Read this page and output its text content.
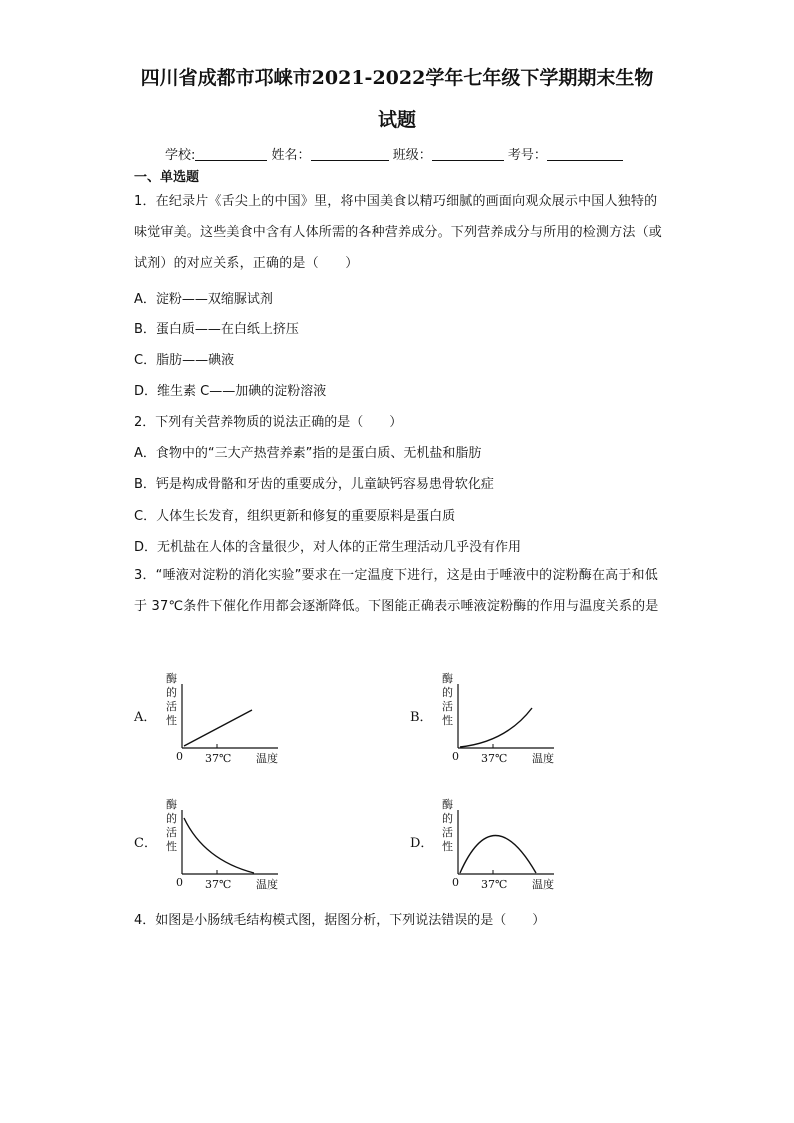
四川省成都市邛崃市2021-2022学年七年级下学期期末生物
试题
学校:	姓名：	班级：	考号：
一、单选题
1．在纪录片《舌尖上的中国》里，将中国美食以精巧细腻的画面向观众展示中国人独特的味觉审美。这些美食中含有人体所需的各种营养成分。下列营养成分与所用的检测方法（或试剂）的对应关系，正确的是（　　）
A．淀粉——双缩脲试剂
B．蛋白质——在白纸上挤压
C．脂肪——碘液
D．维生素 C——加碘的淀粉溶液
2．下列有关营养物质的说法正确的是（　　）
A．食物中的“三大产热营养素”指的是蛋白质、无机盐和脂肪
B．钙是构成骨骼和牙齿的重要成分，儿童缺钙容易患骨软化症
C．人体生长发育，组织更新和修复的重要原料是蛋白质
D．无机盐在人体的含量很少，对人体的正常生理活动几乎没有作用
3．“唾液对淀粉的消化实验”要求在一定温度下进行，这是由于唾液中的淀粉酶在高于和低于 37℃条件下催化作用都会逐渐降低。下图能正确表示唾液淀粉酶的作用与温度关系的是
A．	B．
C．	D．
酶
的
活
性
0 37℃ 温度
酶
的
活
性
0 37℃ 温度
酶
的
活
性
0 37℃ 温度
酶
的
活
性
0 37℃ 温度
4．如图是小肠绒毛结构模式图，据图分析，下列说法错误的是（　　）
